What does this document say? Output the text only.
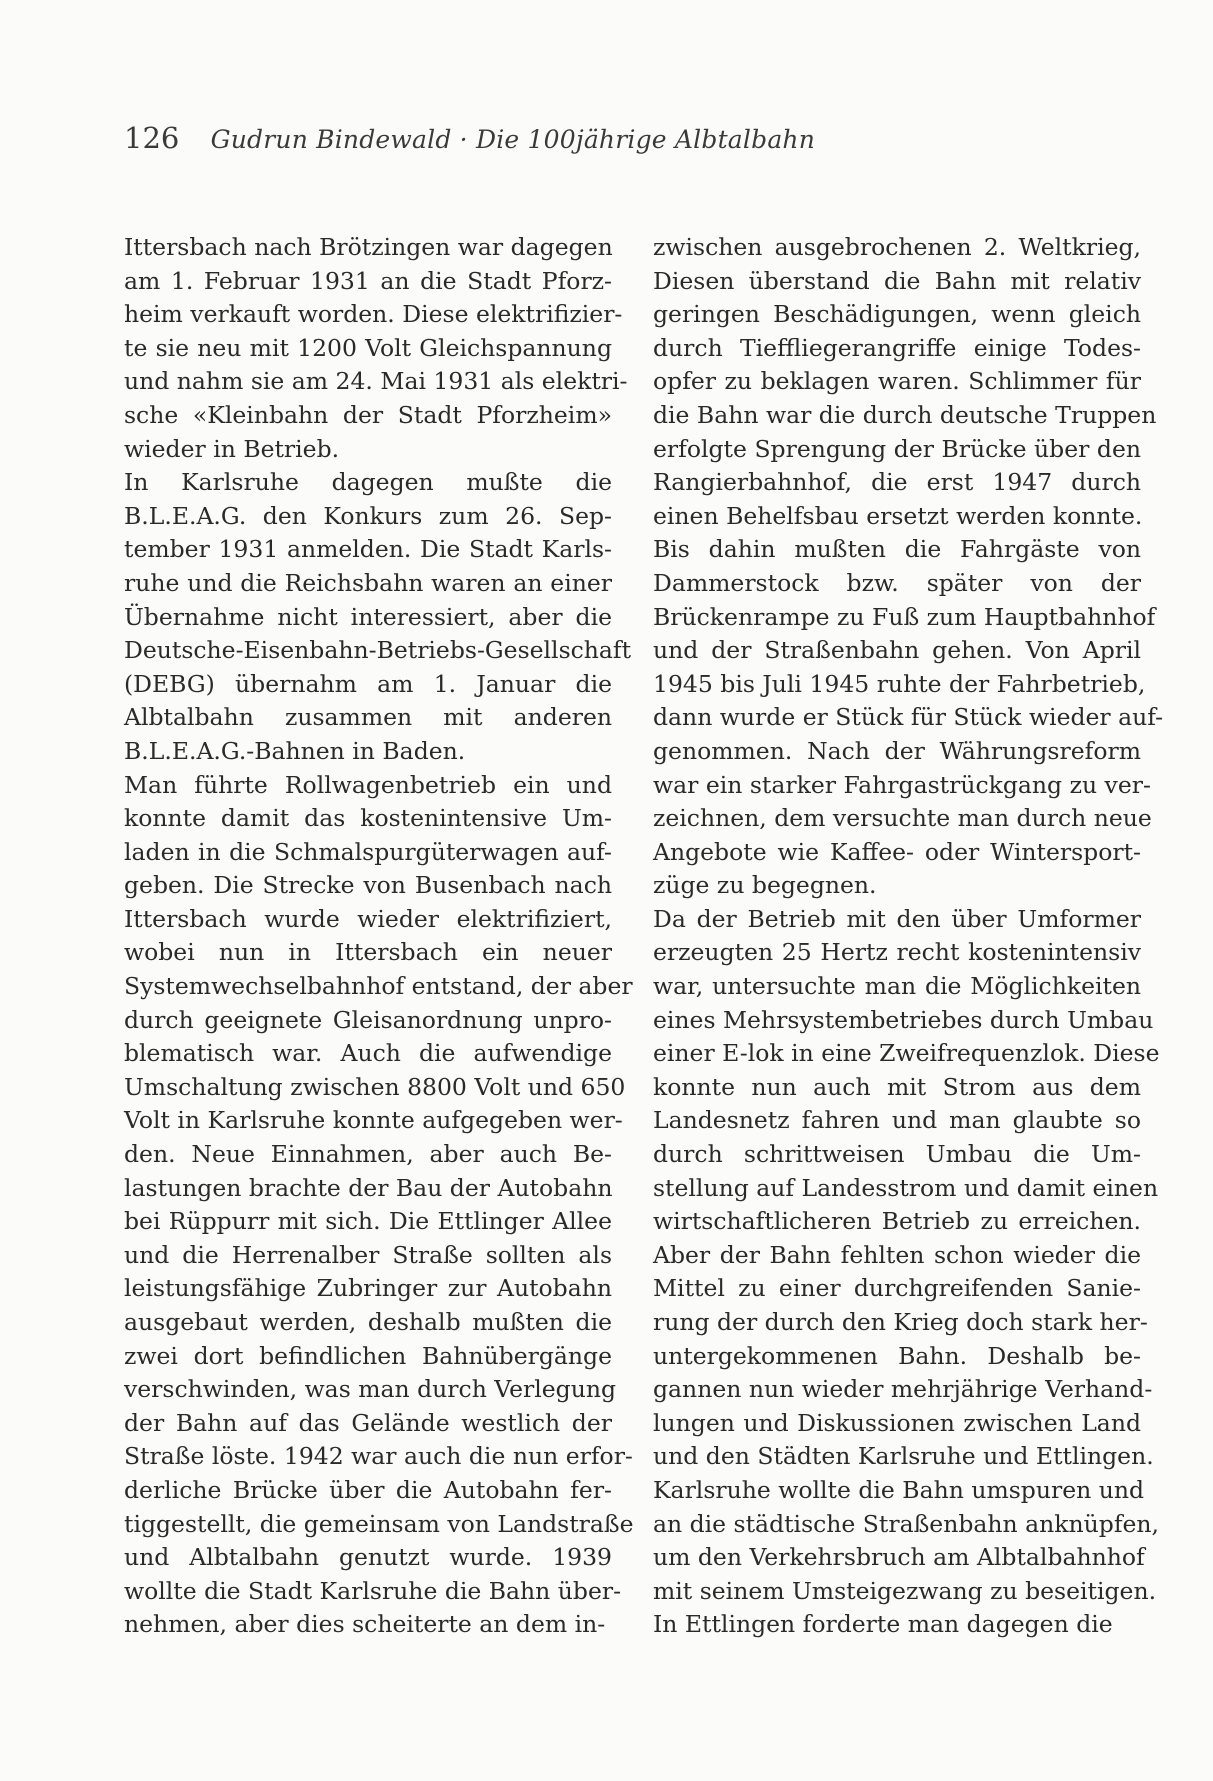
126 Gudrun Bindewald · Die 100jährige Albtalbahn
Ittersbach nach Brötzingen war dagegen
am 1. Februar 1931 an die Stadt Pforz-
heim verkauft worden. Diese elektrifizier-
te sie neu mit 1200 Volt Gleichspannung
und nahm sie am 24. Mai 1931 als elektri-
sche «Kleinbahn der Stadt Pforzheim»
wieder in Betrieb.
In Karlsruhe dagegen mußte die
B.L.E.A.G. den Konkurs zum 26. Sep-
tember 1931 anmelden. Die Stadt Karls-
ruhe und die Reichsbahn waren an einer
Übernahme nicht interessiert, aber die
Deutsche-Eisenbahn-Betriebs-Gesellschaft
(DEBG) übernahm am 1. Januar die
Albtalbahn zusammen mit anderen
B.L.E.A.G.-Bahnen in Baden.
Man führte Rollwagenbetrieb ein und
konnte damit das kostenintensive Um-
laden in die Schmalspurgüterwagen auf-
geben. Die Strecke von Busenbach nach
Ittersbach wurde wieder elektrifiziert,
wobei nun in Ittersbach ein neuer
Systemwechselbahnhof entstand, der aber
durch geeignete Gleisanordnung unpro-
blematisch war. Auch die aufwendige
Umschaltung zwischen 8800 Volt und 650
Volt in Karlsruhe konnte aufgegeben wer-
den. Neue Einnahmen, aber auch Be-
lastungen brachte der Bau der Autobahn
bei Rüppurr mit sich. Die Ettlinger Allee
und die Herrenalber Straße sollten als
leistungsfähige Zubringer zur Autobahn
ausgebaut werden, deshalb mußten die
zwei dort befindlichen Bahnübergänge
verschwinden, was man durch Verlegung
der Bahn auf das Gelände westlich der
Straße löste. 1942 war auch die nun erfor-
derliche Brücke über die Autobahn fer-
tiggestellt, die gemeinsam von Landstraße
und Albtalbahn genutzt wurde. 1939
wollte die Stadt Karlsruhe die Bahn über-
nehmen, aber dies scheiterte an dem in-
zwischen ausgebrochenen 2. Weltkrieg,
Diesen überstand die Bahn mit relativ
geringen Beschädigungen, wenn gleich
durch Tieffliegerangriffe einige Todes-
opfer zu beklagen waren. Schlimmer für
die Bahn war die durch deutsche Truppen
erfolgte Sprengung der Brücke über den
Rangierbahnhof, die erst 1947 durch
einen Behelfsbau ersetzt werden konnte.
Bis dahin mußten die Fahrgäste von
Dammerstock bzw. später von der
Brückenrampe zu Fuß zum Hauptbahnhof
und der Straßenbahn gehen. Von April
1945 bis Juli 1945 ruhte der Fahrbetrieb,
dann wurde er Stück für Stück wieder auf-
genommen. Nach der Währungsreform
war ein starker Fahrgastrückgang zu ver-
zeichnen, dem versuchte man durch neue
Angebote wie Kaffee- oder Wintersport-
züge zu begegnen.
Da der Betrieb mit den über Umformer
erzeugten 25 Hertz recht kostenintensiv
war, untersuchte man die Möglichkeiten
eines Mehrsystembetriebes durch Umbau
einer E-lok in eine Zweifrequenzlok. Diese
konnte nun auch mit Strom aus dem
Landesnetz fahren und man glaubte so
durch schrittweisen Umbau die Um-
stellung auf Landesstrom und damit einen
wirtschaftlicheren Betrieb zu erreichen.
Aber der Bahn fehlten schon wieder die
Mittel zu einer durchgreifenden Sanie-
rung der durch den Krieg doch stark her-
untergekommenen Bahn. Deshalb be-
gannen nun wieder mehrjährige Verhand-
lungen und Diskussionen zwischen Land
und den Städten Karlsruhe und Ettlingen.
Karlsruhe wollte die Bahn umspuren und
an die städtische Straßenbahn anknüpfen,
um den Verkehrsbruch am Albtalbahnhof
mit seinem Umsteigezwang zu beseitigen.
In Ettlingen forderte man dagegen die
